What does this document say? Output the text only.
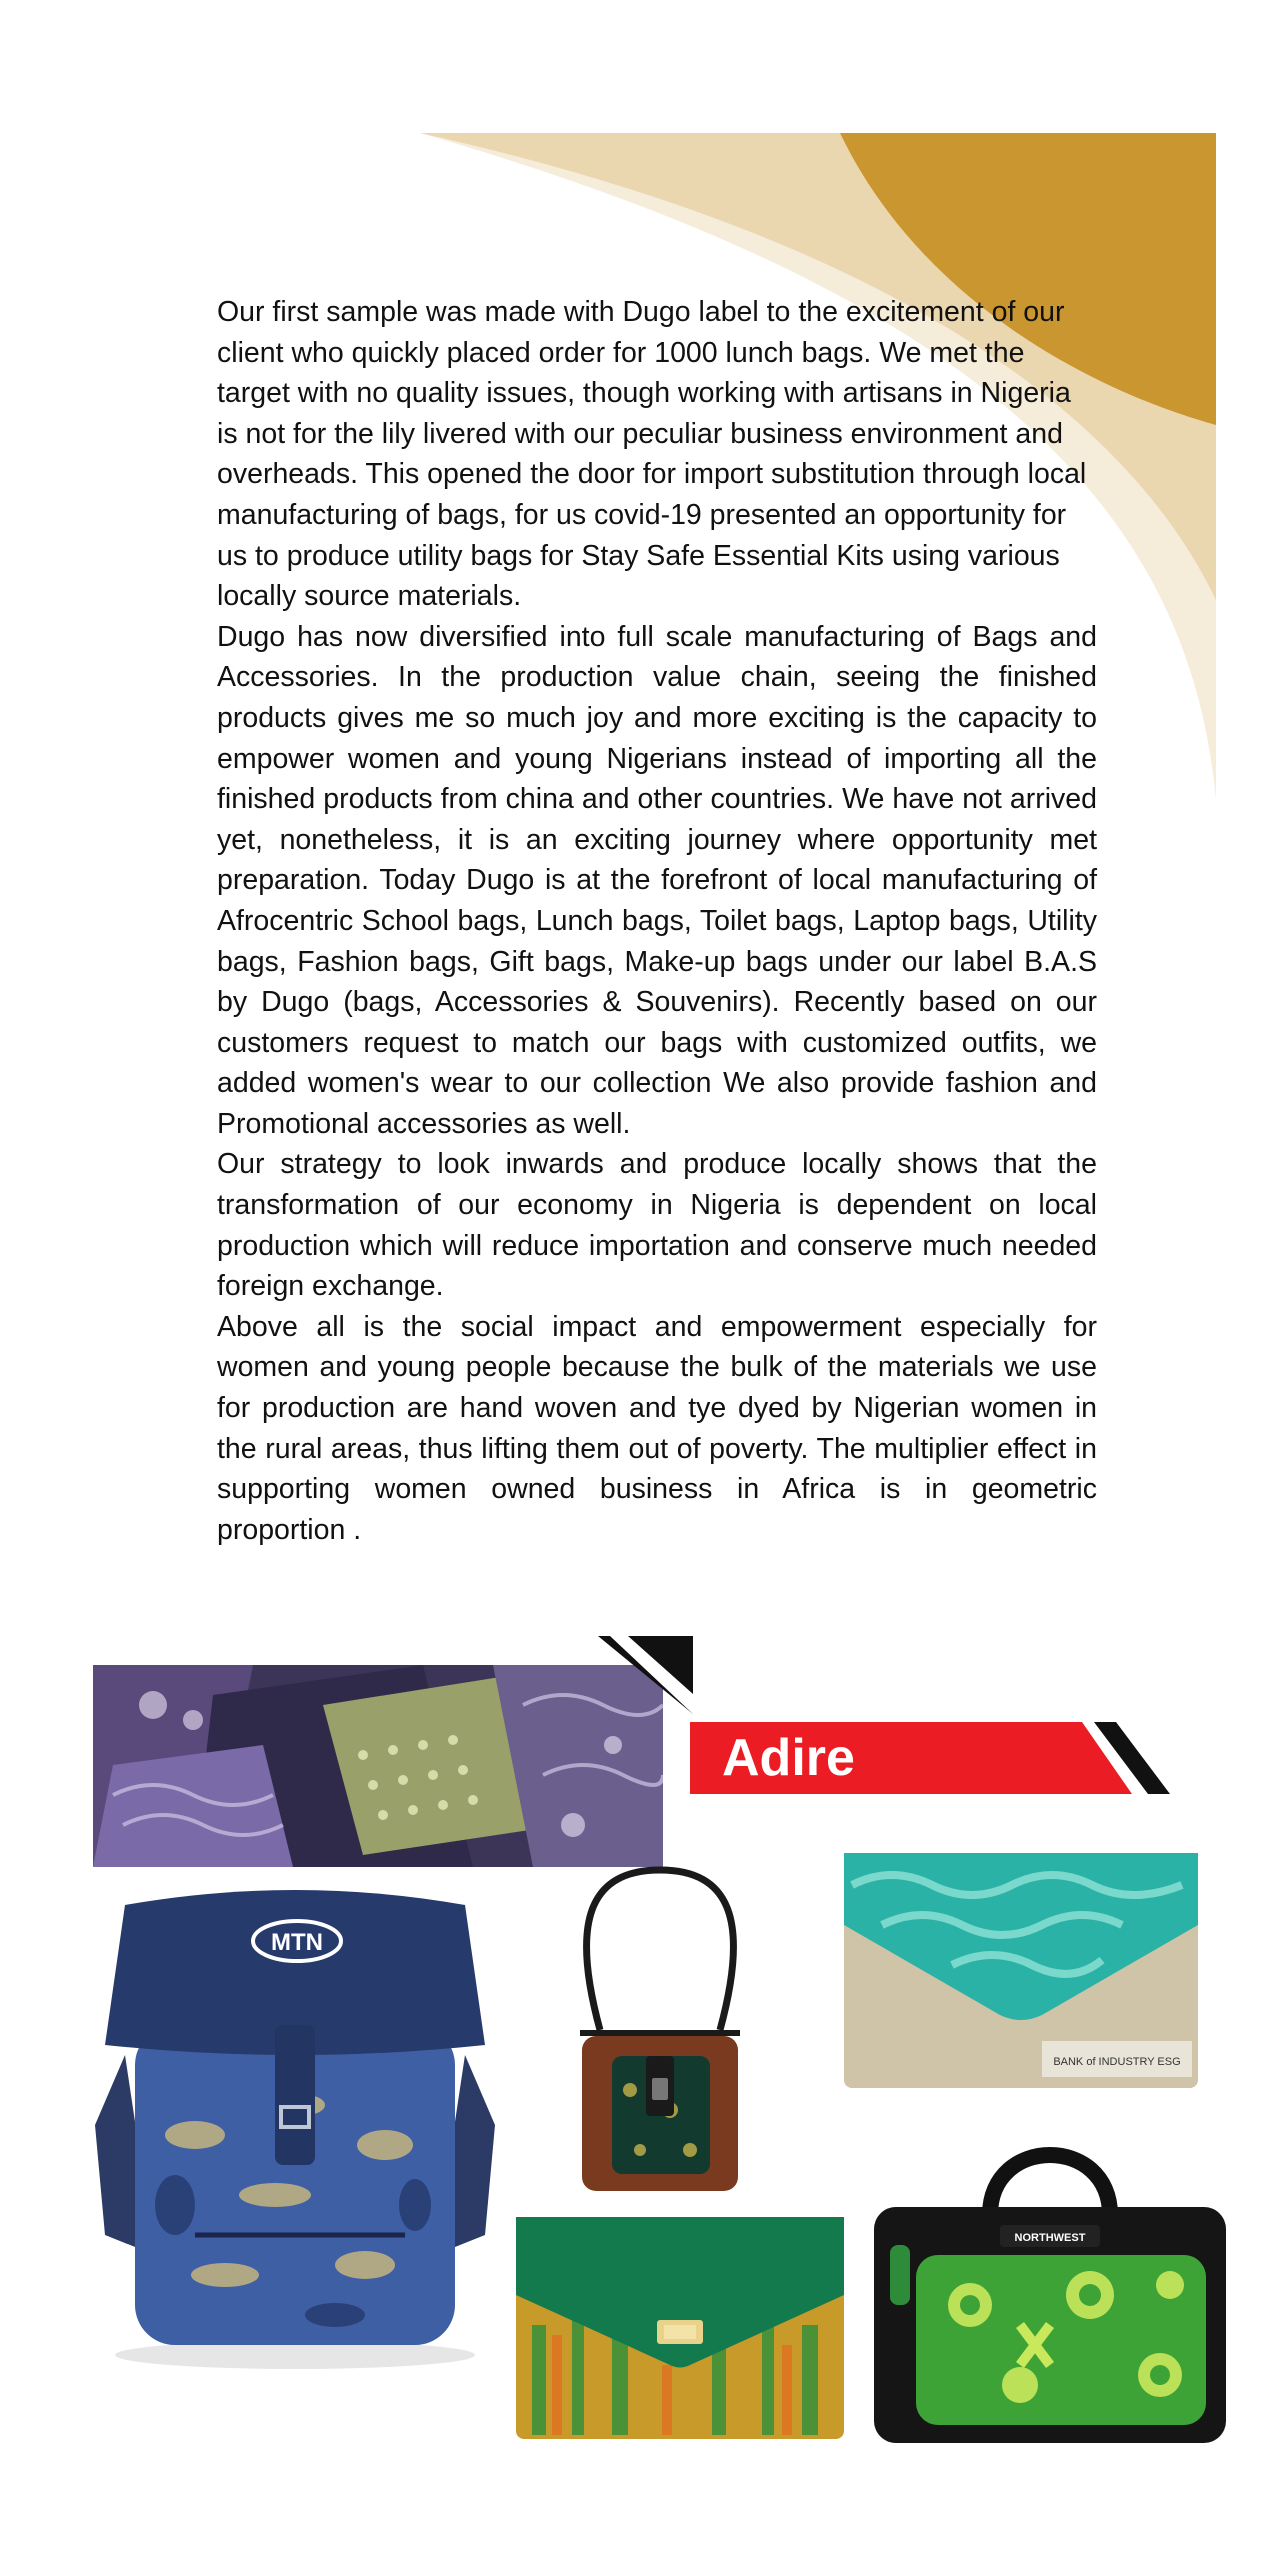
Our first sample was made with Dugo label to the excitement of our client who quickly placed order for 1000 lunch bags. We met the target with no quality issues, though working with artisans in Nigeria is not for the lily livered with our peculiar business environment and overheads. This opened the door for import substitution through local manufacturing of bags, for us covid-19 presented an opportunity for us to produce utility bags for Stay Safe Essential Kits using various locally source materials.

Dugo has now diversified into full scale manufacturing of Bags and Accessories. In the production value chain, seeing the finished products gives me so much joy and more exciting is the capacity to empower women and young Nigerians instead of importing all the finished products from china and other countries. We have not arrived yet, nonetheless, it is an exciting journey where opportunity met preparation. Today Dugo is at the forefront of local manufacturing of Afrocentric School bags, Lunch bags, Toilet bags, Laptop bags, Utility bags, Fashion bags, Gift bags, Make-up bags under our label B.A.S by Dugo (bags, Accessories & Souvenirs). Recently based on our customers request to match our bags with customized outfits, we added women's wear to our collection We also provide fashion and Promotional accessories as well.

Our strategy to look inwards and produce locally shows that the transformation of our economy in Nigeria is dependent on local production which will reduce importation and conserve much needed foreign exchange.

Above all is the social impact and empowerment especially for women and young people because the bulk of the materials we use for production are hand woven and tye dyed by Nigerian women in the rural areas, thus lifting them out of poverty. The multiplier effect in supporting women owned business in Africa is in geometric proportion .

Adire
MTN
BANK of INDUSTRY ESG
NORTHWEST
